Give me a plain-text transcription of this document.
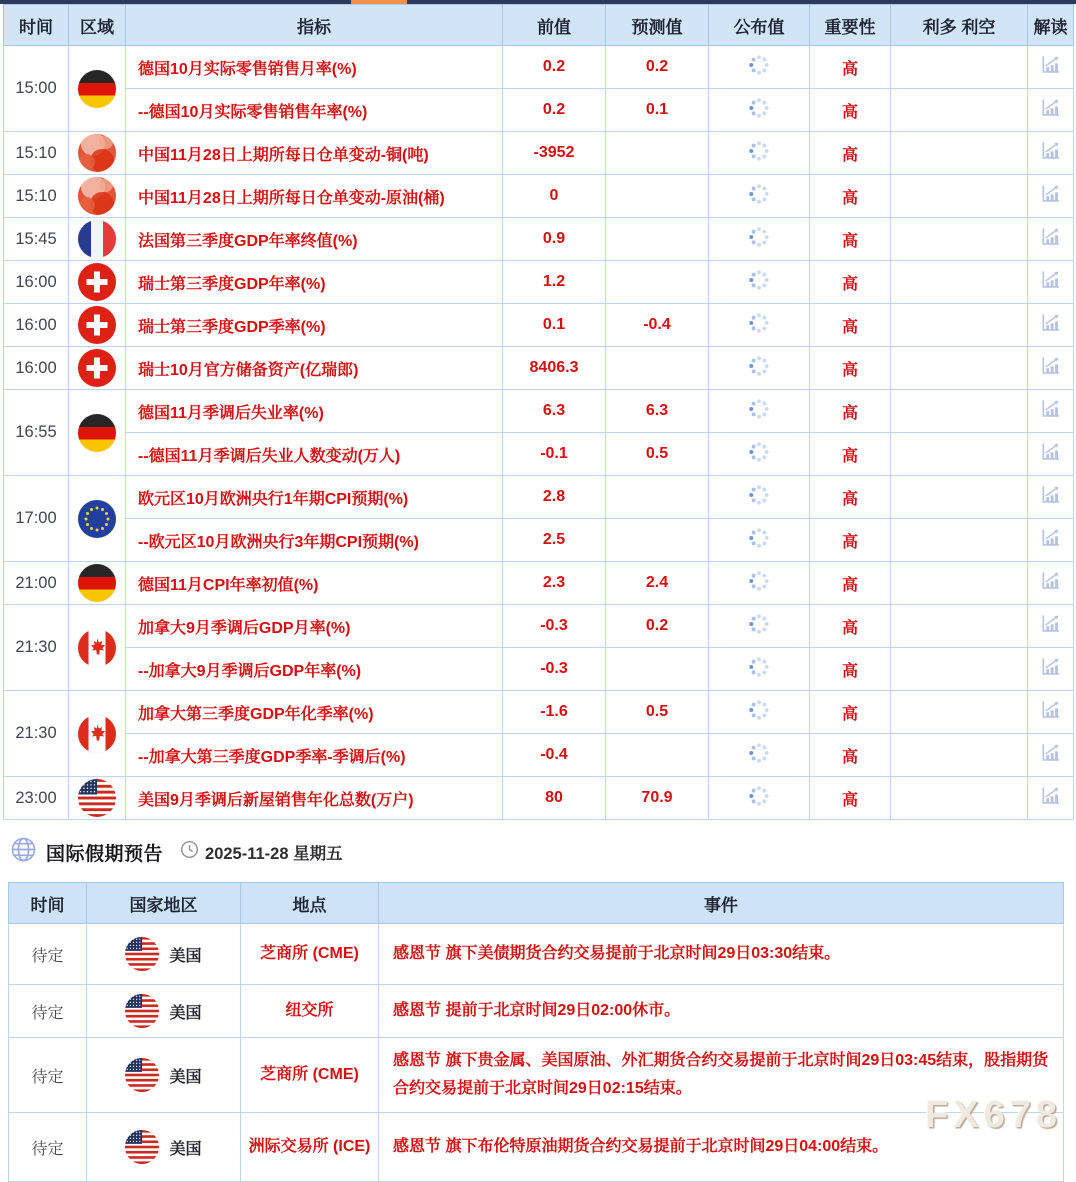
时间	区域	指标	前值	预测值	公布值	重要性	利多 利空	解读
15:00		德国10月实际零售销售月率(%)	0.2	0.2		高		
		--德国10月实际零售销售年率(%)	0.2	0.1		高		
15:10		中国11月28日上期所每日仓单变动-铜(吨)	-3952			高		
15:10		中国11月28日上期所每日仓单变动-原油(桶)	0			高		
15:45		法国第三季度GDP年率终值(%)	0.9			高		
16:00		瑞士第三季度GDP年率(%)	1.2			高		
16:00		瑞士第三季度GDP季率(%)	0.1	-0.4		高		
16:00		瑞士10月官方储备资产(亿瑞郎)	8406.3			高		
16:55		德国11月季调后失业率(%)	6.3	6.3		高		
		--德国11月季调后失业人数变动(万人)	-0.1	0.5		高		
17:00		欧元区10月欧洲央行1年期CPI预期(%)	2.8			高		
		--欧元区10月欧洲央行3年期CPI预期(%)	2.5			高		
21:00		德国11月CPI年率初值(%)	2.3	2.4		高		
21:30		加拿大9月季调后GDP月率(%)	-0.3	0.2		高		
		--加拿大9月季调后GDP年率(%)	-0.3			高		
21:30		加拿大第三季度GDP年化季率(%)	-1.6	0.5		高		
		--加拿大第三季度GDP季率-季调后(%)	-0.4			高		
23:00		美国9月季调后新屋销售年化总数(万户)	80	70.9		高		
国际假期预告	2025-11-28 星期五
时间	国家地区	地点	事件
待定	美国	芝商所 (CME)	感恩节 旗下美债期货合约交易提前于北京时间29日03:30结束。
待定	美国	纽交所	感恩节 提前于北京时间29日02:00休市。
待定	美国	芝商所 (CME)	感恩节 旗下贵金属、美国原油、外汇期货合约交易提前于北京时间29日03:45结束，股指期货合约交易提前于北京时间29日02:15结束。
待定	美国	洲际交易所 (ICE)	感恩节 旗下布伦特原油期货合约交易提前于北京时间29日04:00结束。
FX678
